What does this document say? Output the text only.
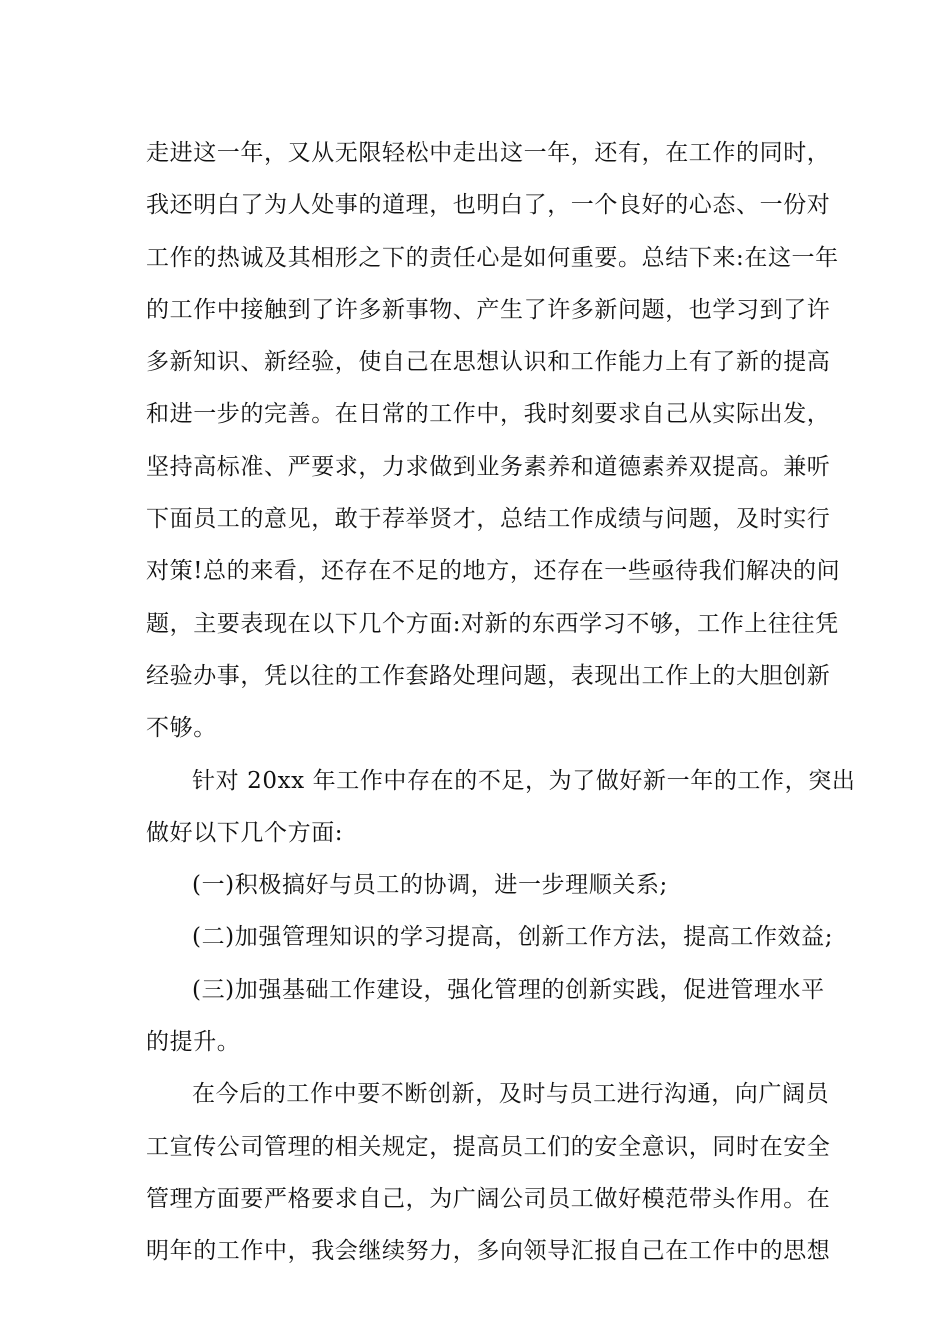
走进这一年，又从无限轻松中走出这一年，还有，在工作的同时，
我还明白了为人处事的道理，也明白了，一个良好的心态、一份对
工作的热诚及其相形之下的责任心是如何重要。总结下来:在这一年
的工作中接触到了许多新事物、产生了许多新问题，也学习到了许
多新知识、新经验，使自己在思想认识和工作能力上有了新的提高
和进一步的完善。在日常的工作中，我时刻要求自己从实际出发，
坚持高标准、严要求，力求做到业务素养和道德素养双提高。兼听
下面员工的意见，敢于荐举贤才，总结工作成绩与问题，及时实行
对策!总的来看，还存在不足的地方，还存在一些亟待我们解决的问
题，主要表现在以下几个方面:对新的东西学习不够，工作上往往凭
经验办事，凭以往的工作套路处理问题，表现出工作上的大胆创新
不够。

针对 20xx 年工作中存在的不足，为了做好新一年的工作，突出
做好以下几个方面:

(一)积极搞好与员工的协调，进一步理顺关系;

(二)加强管理知识的学习提高，创新工作方法，提高工作效益;

(三)加强基础工作建设，强化管理的创新实践，促进管理水平
的提升。

在今后的工作中要不断创新，及时与员工进行沟通，向广阔员
工宣传公司管理的相关规定，提高员工们的安全意识，同时在安全
管理方面要严格要求自己，为广阔公司员工做好模范带头作用。在
明年的工作中，我会继续努力，多向领导汇报自己在工作中的思想
